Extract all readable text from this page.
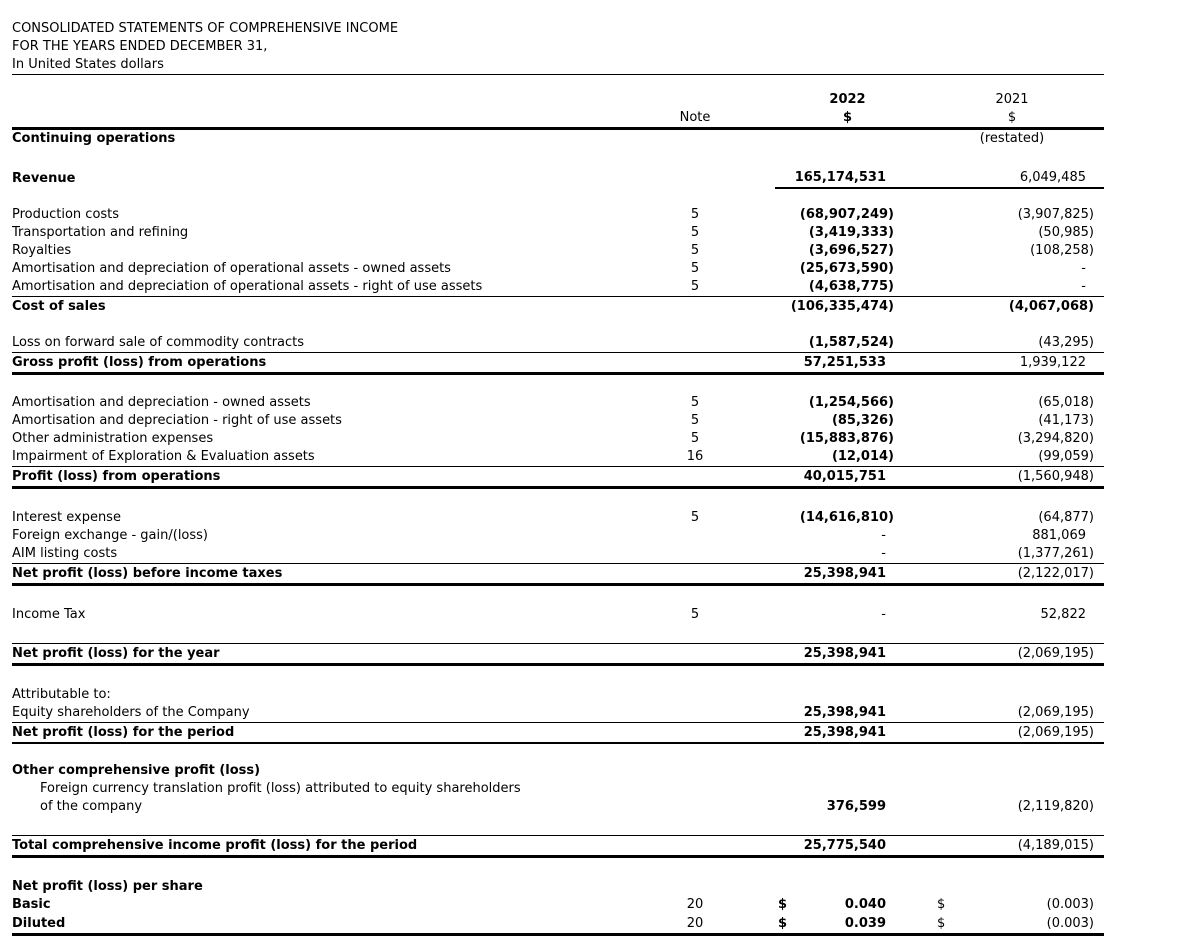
CONSOLIDATED STATEMENTS OF COMPREHENSIVE INCOME
FOR THE YEARS ENDED DECEMBER 31,
In United States dollars
			2022	2021
	Note		$	$
Continuing operations				(restated)

Revenue			165,174,531	6,049,485

Production costs	5		(68,907,249)	(3,907,825)
Transportation and refining	5		(3,419,333)	(50,985)
Royalties	5		(3,696,527)	(108,258)
Amortisation and depreciation of operational assets - owned assets	5		(25,673,590)	-
Amortisation and depreciation of operational assets - right of use assets	5		(4,638,775)	-
Cost of sales			(106,335,474)	(4,067,068)

Loss on forward sale of commodity contracts			(1,587,524)	(43,295)
Gross profit (loss) from operations			57,251,533	1,939,122

Amortisation and depreciation - owned assets	5		(1,254,566)	(65,018)
Amortisation and depreciation - right of use assets	5		(85,326)	(41,173)
Other administration expenses	5		(15,883,876)	(3,294,820)
Impairment of Exploration & Evaluation assets	16		(12,014)	(99,059)
Profit (loss) from operations			40,015,751	(1,560,948)

Interest expense	5		(14,616,810)	(64,877)
Foreign exchange - gain/(loss)			-	881,069
AIM listing costs			-	(1,377,261)
Net profit (loss) before income taxes			25,398,941	(2,122,017)

Income Tax	5		-	52,822

Net profit (loss) for the year			25,398,941	(2,069,195)

Attributable to:				
Equity shareholders of the Company			25,398,941	(2,069,195)
Net profit (loss) for the period			25,398,941	(2,069,195)

Other comprehensive profit (loss)				
Foreign currency translation profit (loss) attributed to equity shareholders				
of the company			376,599	(2,119,820)

Total comprehensive income profit (loss) for the period			25,775,540	(4,189,015)

Net profit (loss) per share				
Basic	20		$ 0.040	$ (0.003)
Diluted	20		$ 0.039	$ (0.003)
